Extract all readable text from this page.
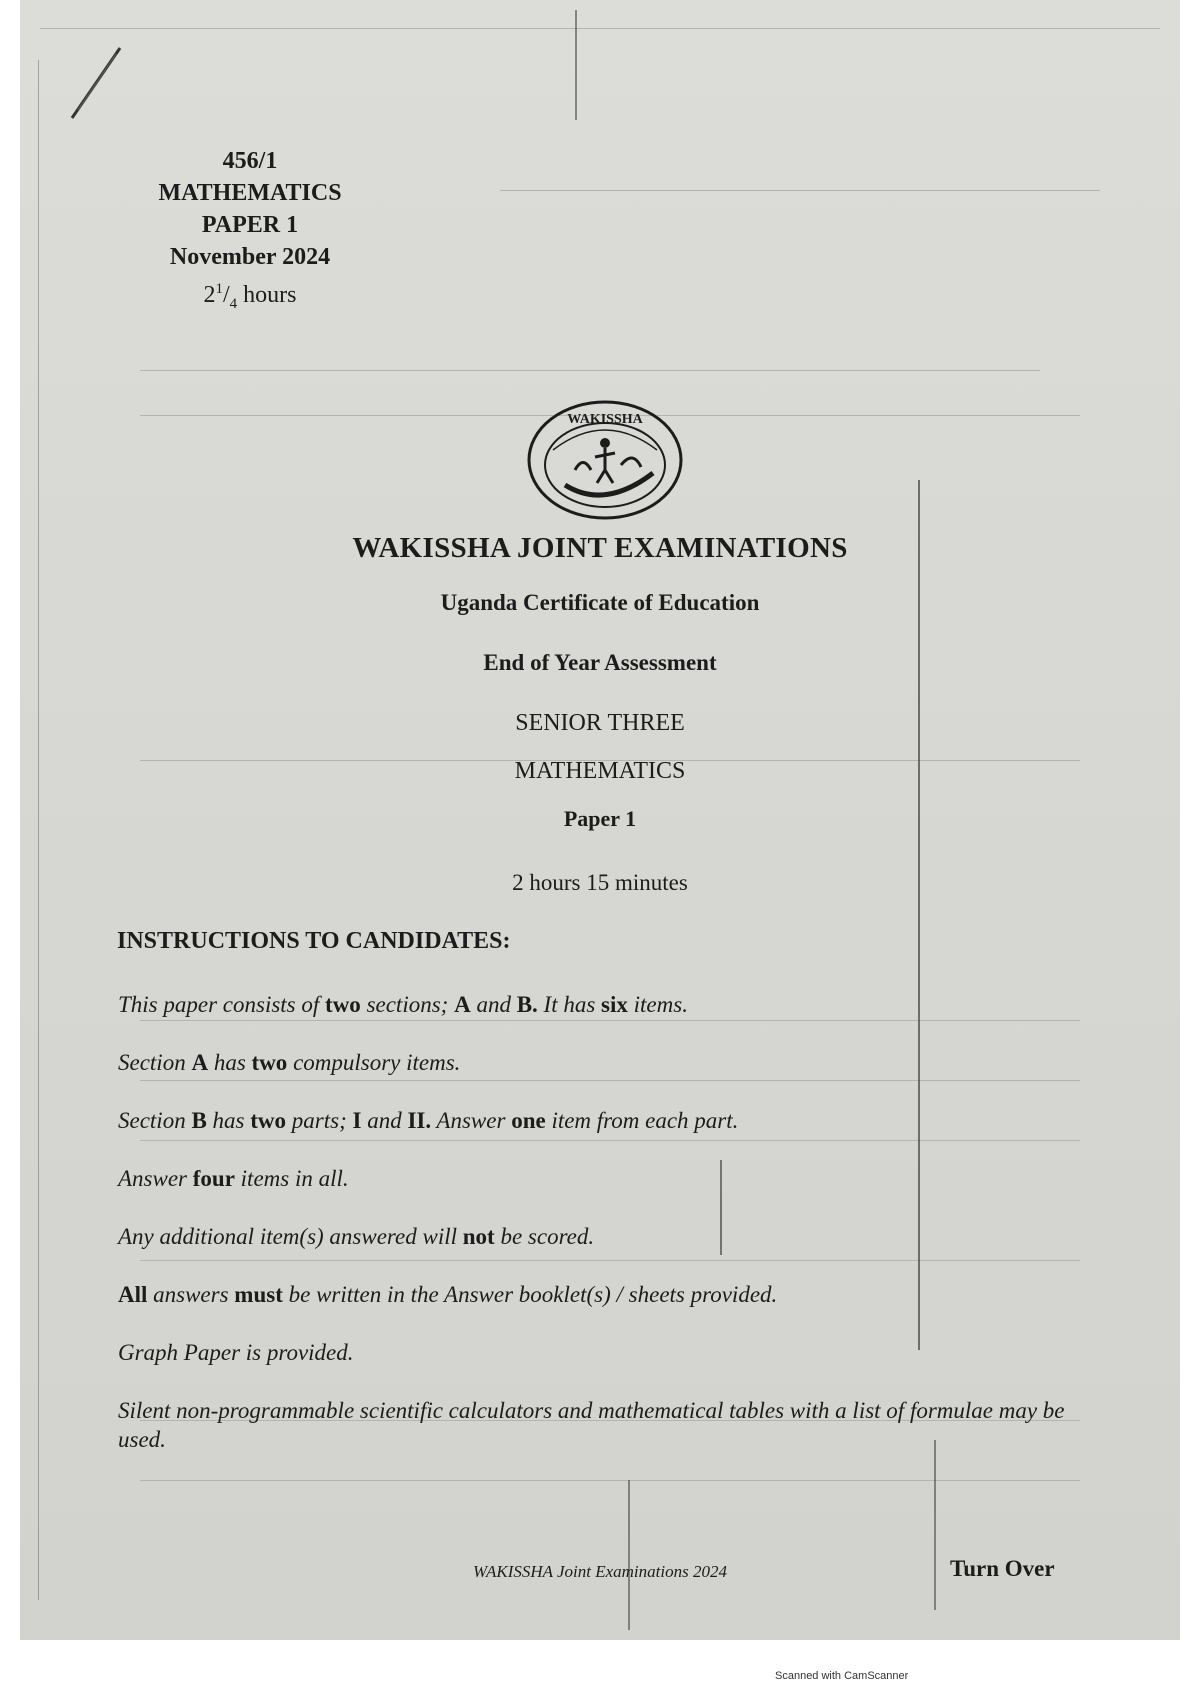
456/1
MATHEMATICS
PAPER 1
November 2024
$2^1/_4$ hours
WAKISSHA
WAKISSHA JOINT EXAMINATIONS
Uganda Certificate of Education
End of Year Assessment
SENIOR THREE
MATHEMATICS
Paper 1
2 hours 15 minutes
INSTRUCTIONS TO CANDIDATES:
This paper consists of two sections; A and B. It has six items.
Section A has two compulsory items.
Section B has two parts; I and II. Answer one item from each part.
Answer four items in all.
Any additional item(s) answered will not be scored.
All answers must be written in the Answer booklet(s) / sheets provided.
Graph Paper is provided.
Silent non-programmable scientific calculators and mathematical tables with a list of formulae may be used.
WAKISSHA Joint Examinations 2024	Turn Over
Scanned with CamScanner
